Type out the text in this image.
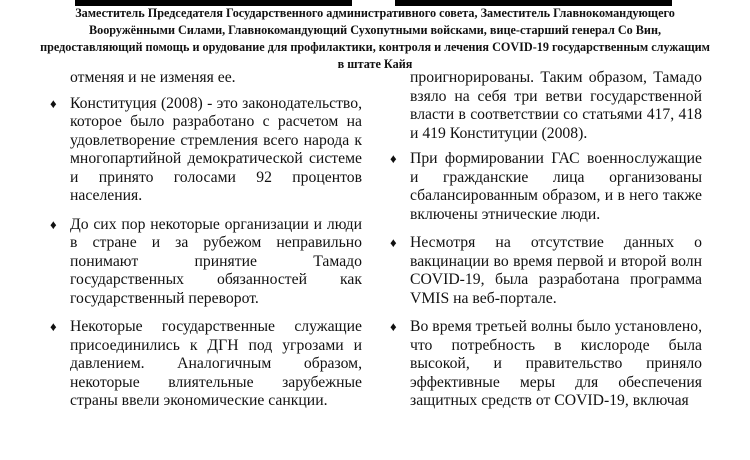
Заместитель Председателя Государственного административного совета, Заместитель Главнокомандующего Вооружёнными Силами, Главнокомандующий Сухопутными войсками, вице-старший генерал Со Вин, предоставляющий помощь и орудование для профилактики, контроля и лечения COVID-19 государственным служащим в штате Кайя
отменяя и не изменяя ее.
♦ Конституция (2008) - это законодательство, которое было разработано с расчетом на удовлетворение стремления всего народа к многопартийной демократической системе и принято голосами 92 процентов населения.
♦ До сих пор некоторые организации и люди в стране и за рубежом неправильно понимают принятие Тамадо государственных обязанностей как государственный переворот.
♦ Некоторые государственные служащие присоединились к ДГН под угрозами и давлением. Аналогичным образом, некоторые влиятельные зарубежные страны ввели экономические санкции.
проигнорированы. Таким образом, Тамадо взяло на себя три ветви государственной власти в соответствии со статьями 417, 418 и 419 Конституции (2008).
♦ При формировании ГАС военнослужащие и гражданские лица организованы сбалансированным образом, и в него также включены этнические люди.
♦ Несмотря на отсутствие данных о вакцинации во время первой и второй волн COVID-19, была разработана программа VMIS на веб-портале.
♦ Во время третьей волны было установлено, что потребность в кислороде была высокой, и правительство приняло эффективные меры для обеспечения защитных средств от COVID-19, включая
